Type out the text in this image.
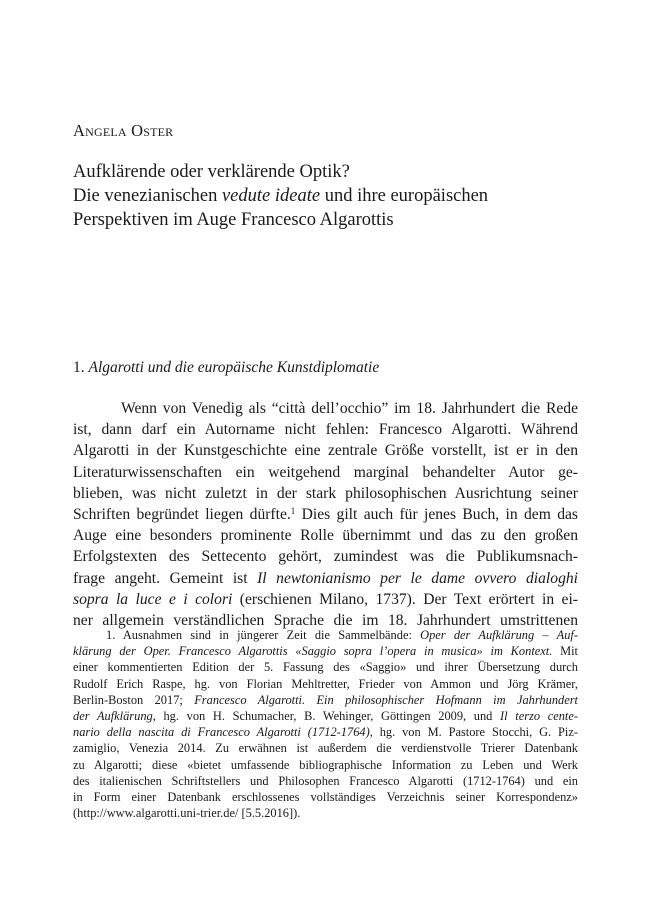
Angela Oster
Aufklärende oder verklärende Optik?
Die venezianischen vedute ideate und ihre europäischen
Perspektiven im Auge Francesco Algarottis
1. Algarotti und die europäische Kunstdiplomatie
Wenn von Venedig als “città dell’occhio” im 18. Jahrhundert die Rede
ist, dann darf ein Autorname nicht fehlen: Francesco Algarotti. Während
Algarotti in der Kunstgeschichte eine zentrale Größe vorstellt, ist er in den
Literaturwissenschaften ein weitgehend marginal behandelter Autor ge-
blieben, was nicht zuletzt in der stark philosophischen Ausrichtung seiner
Schriften begründet liegen dürfte.$^1$ Dies gilt auch für jenes Buch, in dem das
Auge eine besonders prominente Rolle übernimmt und das zu den großen
Erfolgstexten des Settecento gehört, zumindest was die Publikumsnach-
frage angeht. Gemeint ist Il newtonianismo per le dame ovvero dialoghi
sopra la luce e i colori (erschienen Milano, 1737). Der Text erörtert in ei-
ner allgemein verständlichen Sprache die im 18. Jahrhundert umstrittenen
1. Ausnahmen sind in jüngerer Zeit die Sammelbände: Oper der Aufklärung – Auf-
klärung der Oper. Francesco Algarottis «Saggio sopra l’opera in musica» im Kontext. Mit
einer kommentierten Edition der 5. Fassung des «Saggio» und ihrer Übersetzung durch
Rudolf Erich Raspe, hg. von Florian Mehltretter, Frieder von Ammon und Jörg Krämer,
Berlin-Boston 2017; Francesco Algarotti. Ein philosophischer Hofmann im Jahrhundert
der Aufklärung, hg. von H. Schumacher, B. Wehinger, Göttingen 2009, und Il terzo cente-
nario della nascita di Francesco Algarotti (1712-1764), hg. von M. Pastore Stocchi, G. Piz-
zamiglio, Venezia 2014. Zu erwähnen ist außerdem die verdienstvolle Trierer Datenbank
zu Algarotti; diese «bietet umfassende bibliographische Information zu Leben und Werk
des italienischen Schriftstellers und Philosophen Francesco Algarotti (1712-1764) und ein
in Form einer Datenbank erschlossenes vollständiges Verzeichnis seiner Korrespondenz»
(http://www.algarotti.uni-trier.de/ [5.5.2016]).
